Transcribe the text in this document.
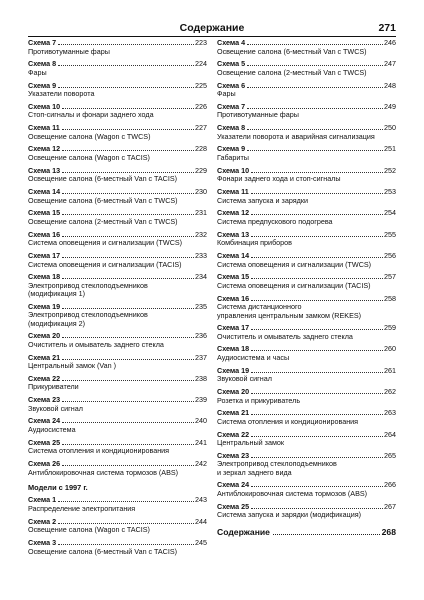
Содержание	271
Схема 7	223
Противотуманные фары
Схема 8	224
Фары
Схема 9	225
Указатели поворота
Схема 10	226
Стоп-сигналы и фонари заднего хода
Схема 11	227
Освещение салона (Wagon c TWCS)
Схема 12	228
Освещение салона (Wagon c TACIS)
Схема 13	229
Освещение салона (6-местный Van c TACIS)
Схема 14	230
Освещение салона (6-местный Van c TWCS)
Схема 15	231
Освещение салона (2-местный Van c TWCS)
Схема 16	232
Система оповещения и сигнализации (TWCS)
Схема 17	233
Система оповещения и сигнализации (TACIS)
Схема 18	234
Электропривод стеклоподъемников
(модификация 1)
Схема 19	235
Электропривод стеклоподъемников
(модификация 2)
Схема 20	236
Очиститель и омыватель заднего стекла
Схема 21	237
Центральный замок (Van )
Схема 22	238
Прикуриватели
Схема 23	239
Звуковой сигнал
Схема 24	240
Аудиосистема
Схема 25	241
Система отопления и кондиционирования
Схема 26	242
Антиблокировочная система тормозов (ABS)
Модели с 1997 г.
Схема 1	243
Распределение электропитания
Схема 2	244
Освещение салона (Wagon c TACIS)
Схема 3	245
Освещение салона (6-местный Van c TACIS)
Схема 4	246
Освещение салона (6-местный Van c TWCS)
Схема 5	247
Освещение салона (2-местный Van c TWCS)
Схема 6	248
Фары
Схема 7	249
Противотуманные фары
Схема 8	250
Указатели поворота и аварийная сигнализация
Схема 9	251
Габариты
Схема 10	252
Фонари заднего хода и стоп-сигналы
Схема 11	253
Система запуска и зарядки
Схема 12	254
Система предпускового подогрева
Схема 13	255
Комбинация приборов
Схема 14	256
Система оповещения и сигнализации (TWCS)
Схема 15	257
Система оповещения и сигнализации (TACIS)
Схема 16	258
Система дистанционного
управления центральным замком (REKES)
Схема 17	259
Очиститель и омыватель заднего стекла
Схема 18	260
Аудиосистема и часы
Схема 19	261
Звуковой сигнал
Схема 20	262
Розетка и прикуриватель
Схема 21	263
Система отопления и кондиционирования
Схема 22	264
Центральный замок
Схема 23	265
Электропривод стеклоподъемников
и зеркал заднего вида
Схема 24	266
Антиблокировочная система тормозов (ABS)
Схема 25	267
Система запуска и зарядки (модификация)
Содержание	268
